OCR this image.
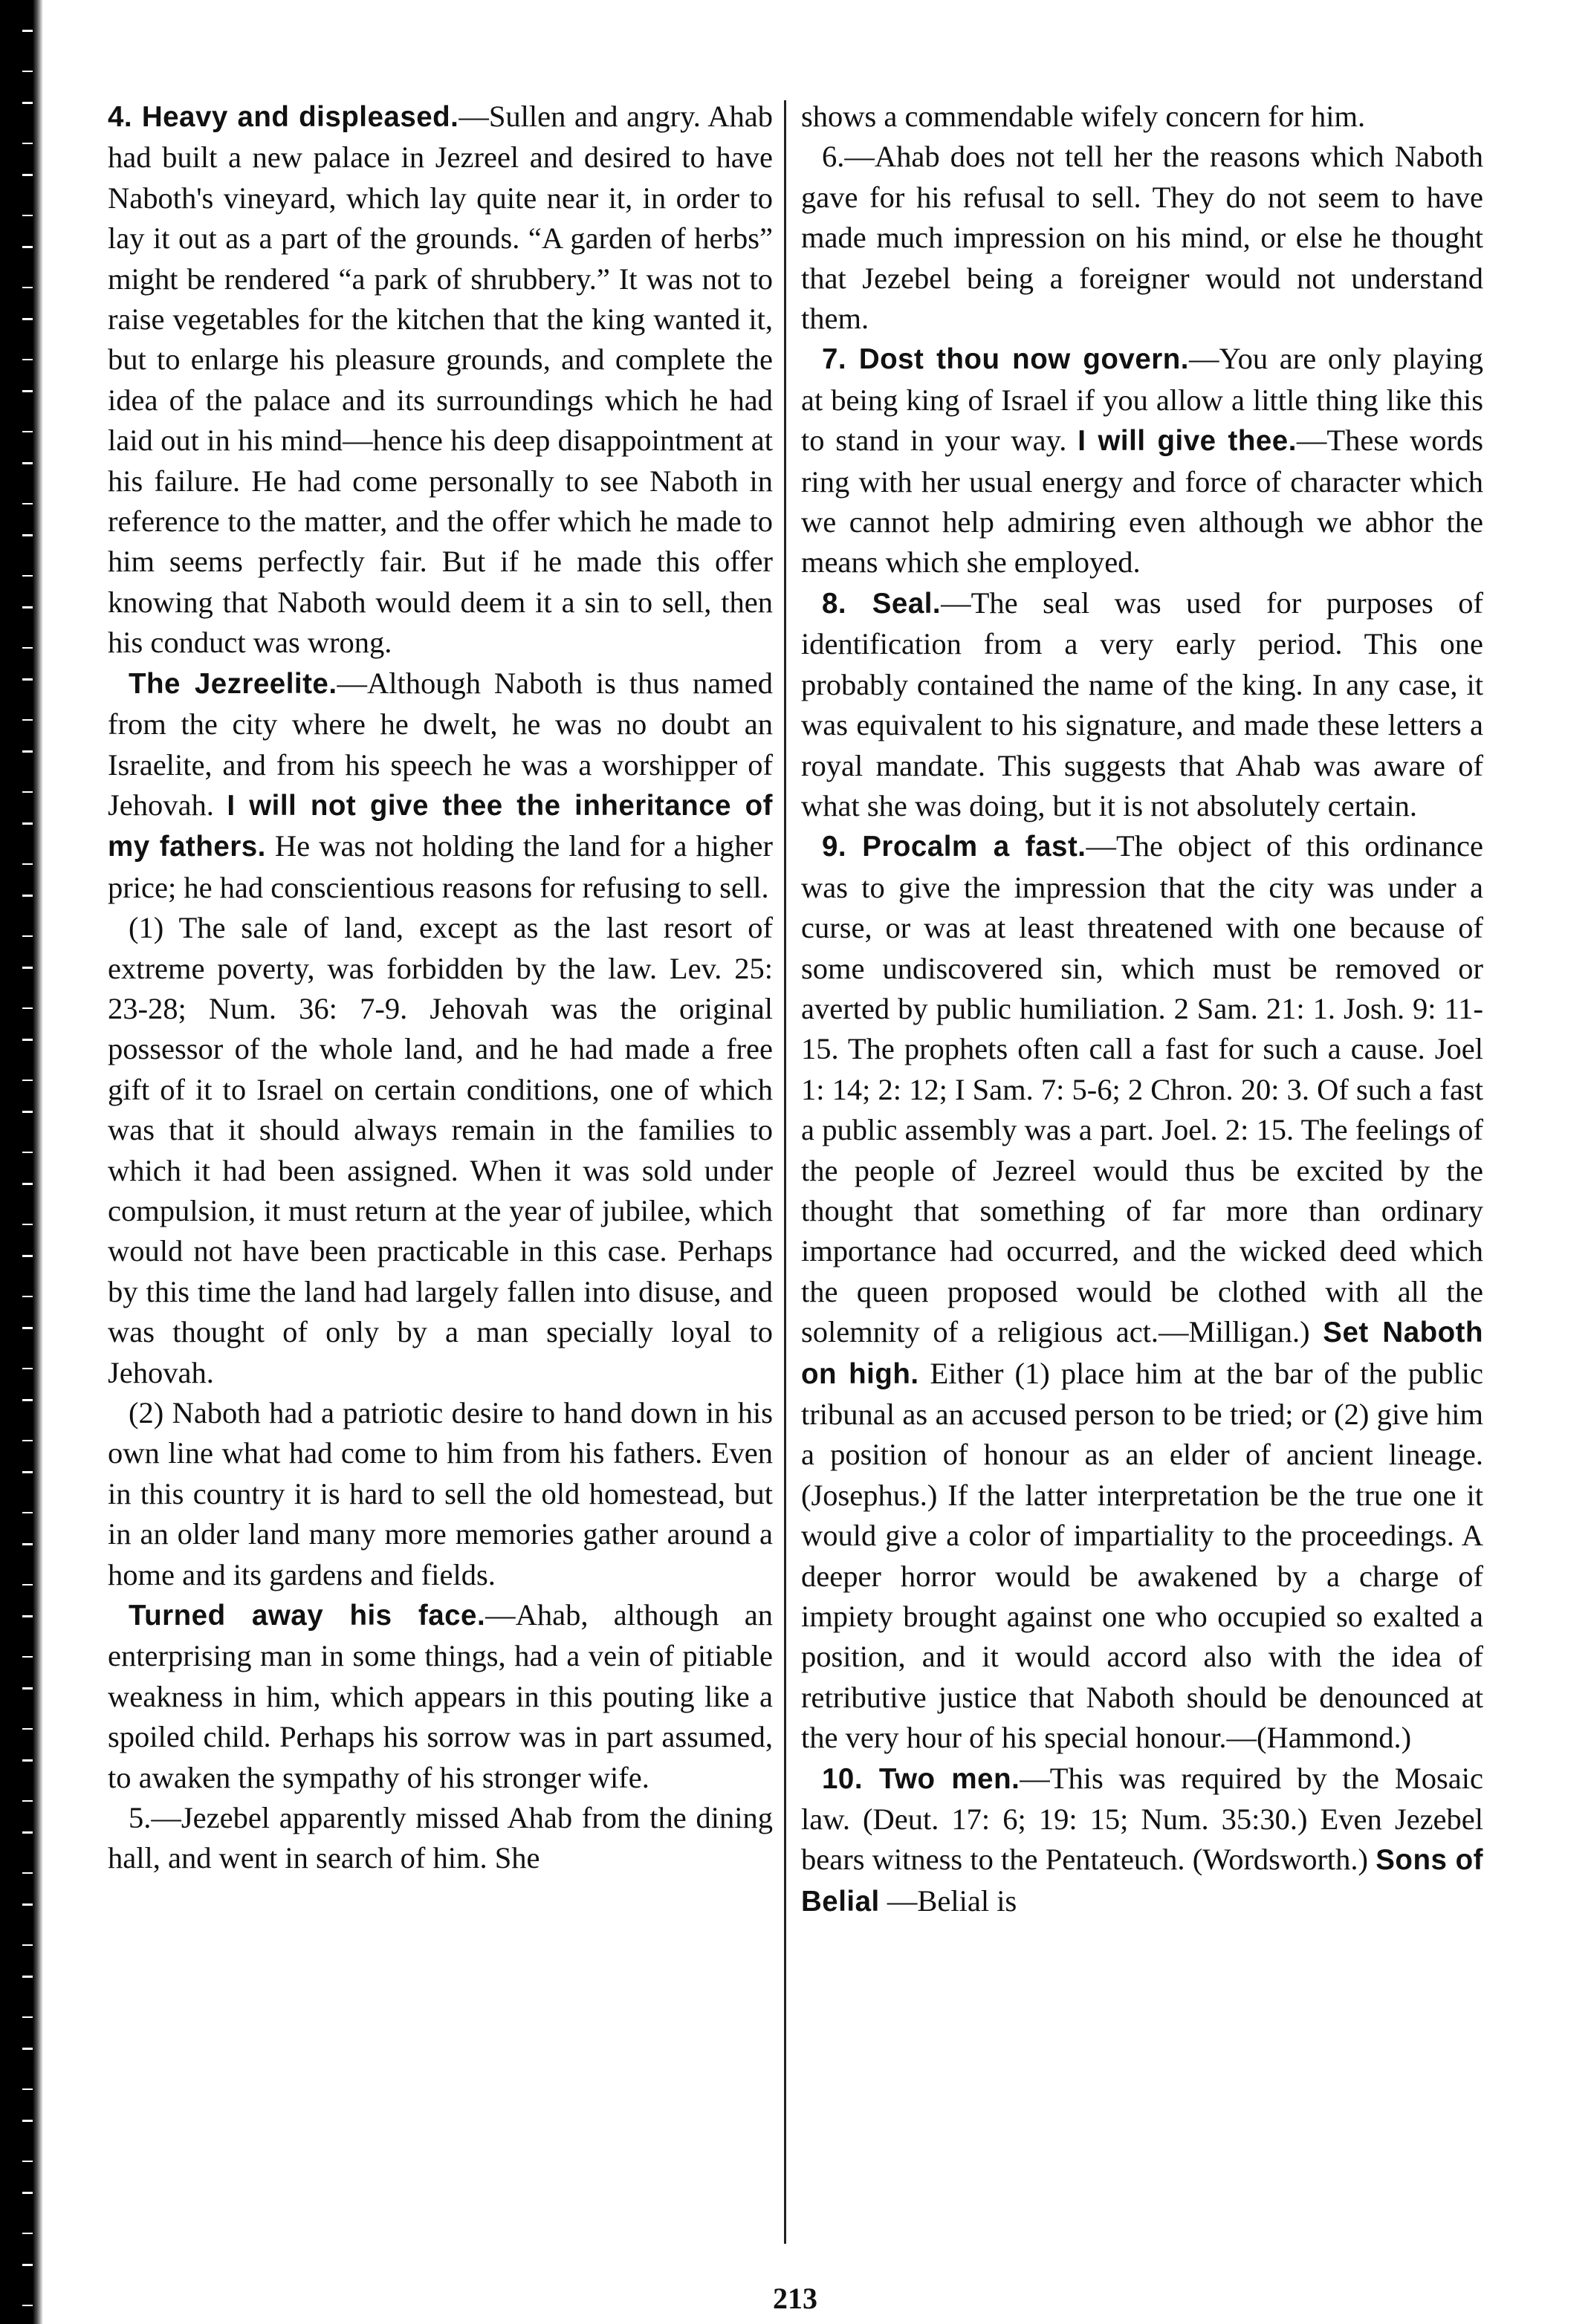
4. Heavy and displeased.—Sullen and angry. Ahab had built a new palace in Jezreel and desired to have Naboth's vineyard, which lay quite near it, in order to lay it out as a part of the grounds. “A garden of herbs” might be rendered “a park of shrubbery.” It was not to raise vegetables for the kitchen that the king wanted it, but to enlarge his pleasure grounds, and complete the idea of the palace and its surroundings which he had laid out in his mind—hence his deep disappointment at his failure. He had come personally to see Naboth in reference to the matter, and the offer which he made to him seems perfectly fair. But if he made this offer knowing that Naboth would deem it a sin to sell, then his conduct was wrong.

The Jezreelite.—Although Naboth is thus named from the city where he dwelt, he was no doubt an Israelite, and from his speech he was a worshipper of Jehovah. I will not give thee the inheritance of my fathers. He was not holding the land for a higher price; he had conscientious reasons for refusing to sell.

(1) The sale of land, except as the last resort of extreme poverty, was forbidden by the law. Lev. 25: 23-28; Num. 36: 7-9. Jehovah was the original possessor of the whole land, and he had made a free gift of it to Israel on certain conditions, one of which was that it should always remain in the families to which it had been assigned. When it was sold under compulsion, it must return at the year of jubilee, which would not have been practicable in this case. Perhaps by this time the land had largely fallen into disuse, and was thought of only by a man specially loyal to Jehovah.

(2) Naboth had a patriotic desire to hand down in his own line what had come to him from his fathers. Even in this country it is hard to sell the old homestead, but in an older land many more memories gather around a home and its gardens and fields.

Turned away his face.—Ahab, although an enterprising man in some things, had a vein of pitiable weakness in him, which appears in this pouting like a spoiled child. Perhaps his sorrow was in part assumed, to awaken the sympathy of his stronger wife.

5.—Jezebel apparently missed Ahab from the dining hall, and went in search of him. She

shows a commendable wifely concern for him.

6.—Ahab does not tell her the reasons which Naboth gave for his refusal to sell. They do not seem to have made much impression on his mind, or else he thought that Jezebel being a foreigner would not understand them.

7. Dost thou now govern.—You are only playing at being king of Israel if you allow a little thing like this to stand in your way. I will give thee.—These words ring with her usual energy and force of character which we cannot help admiring even although we abhor the means which she employed.

8. Seal.—The seal was used for purposes of identification from a very early period. This one probably contained the name of the king. In any case, it was equivalent to his signature, and made these letters a royal mandate. This suggests that Ahab was aware of what she was doing, but it is not absolutely certain.

9. Procalm a fast.—The object of this ordinance was to give the impression that the city was under a curse, or was at least threatened with one because of some undiscovered sin, which must be removed or averted by public humiliation. 2 Sam. 21: 1. Josh. 9: 11-15. The prophets often call a fast for such a cause. Joel 1: 14; 2: 12; I Sam. 7: 5-6; 2 Chron. 20: 3. Of such a fast a public assembly was a part. Joel. 2: 15. The feelings of the people of Jezreel would thus be excited by the thought that something of far more than ordinary importance had occurred, and the wicked deed which the queen proposed would be clothed with all the solemnity of a religious act.—Milligan.) Set Naboth on high. Either (1) place him at the bar of the public tribunal as an accused person to be tried; or (2) give him a position of honour as an elder of ancient lineage. (Josephus.) If the latter interpretation be the true one it would give a color of impartiality to the proceedings. A deeper horror would be awakened by a charge of impiety brought against one who occupied so exalted a position, and it would accord also with the idea of retributive justice that Naboth should be denounced at the very hour of his special honour.—(Hammond.)

10. Two men.—This was required by the Mosaic law. (Deut. 17: 6; 19: 15; Num. 35:30.) Even Jezebel bears witness to the Pentateuch. (Wordsworth.) Sons of Belial —Belial is

213
